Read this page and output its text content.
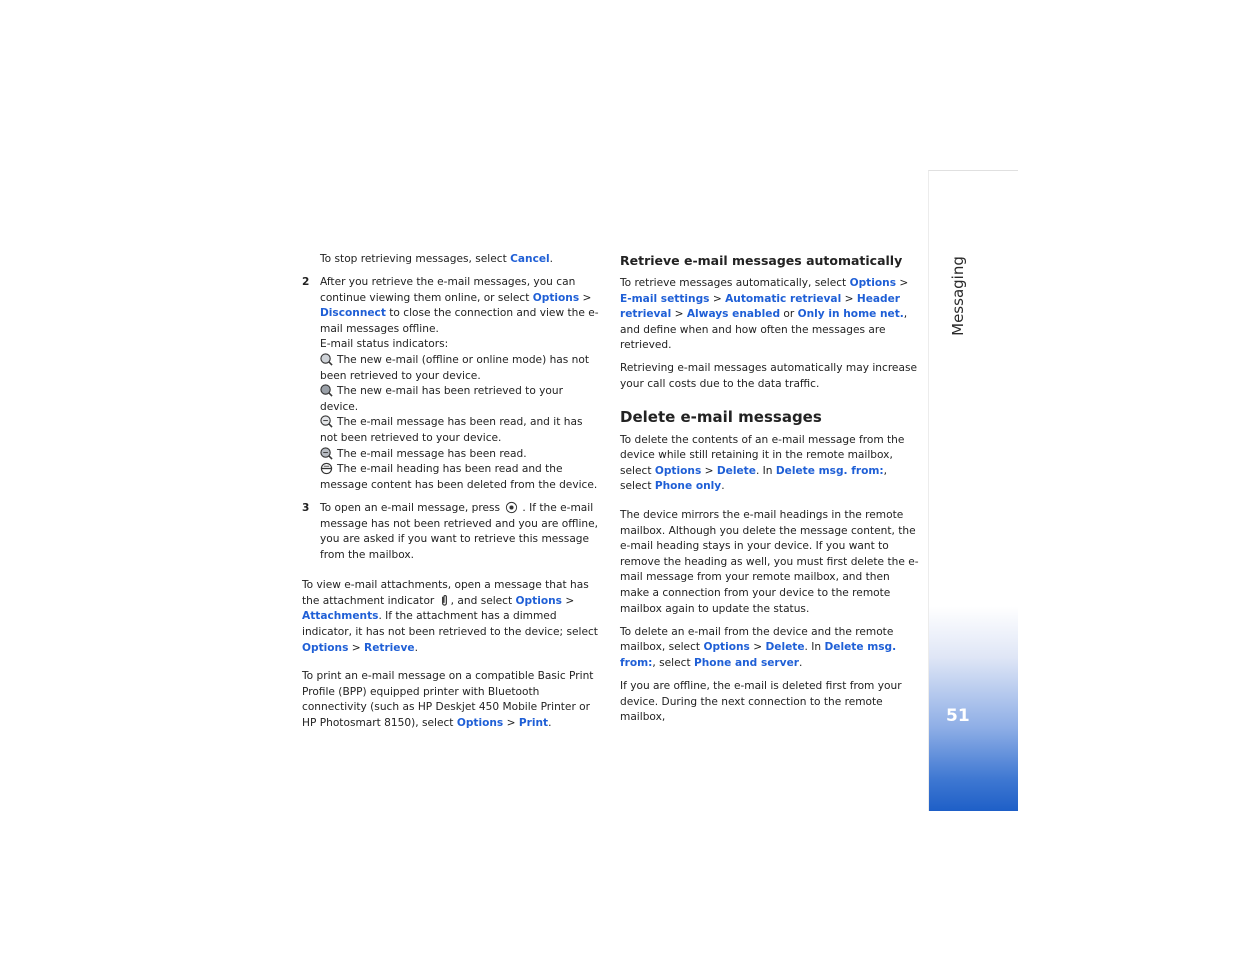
To stop retrieving messages, select Cancel.

2 After you retrieve the e-mail messages, you can continue viewing them online, or select Options > Disconnect to close the connection and view the e-mail messages offline.
E-mail status indicators:
The new e-mail (offline or online mode) has not been retrieved to your device.
The new e-mail has been retrieved to your device.
The e-mail message has been read, and it has not been retrieved to your device.
The e-mail message has been read.
The e-mail heading has been read and the message content has been deleted from the device.
3 To open an e-mail message, press . If the e-mail message has not been retrieved and you are offline, you are asked if you want to retrieve this message from the mailbox.

To view e-mail attachments, open a message that has the attachment indicator , and select Options > Attachments. If the attachment has a dimmed indicator, it has not been retrieved to the device; select Options > Retrieve.

To print an e-mail message on a compatible Basic Print Profile (BPP) equipped printer with Bluetooth connectivity (such as HP Deskjet 450 Mobile Printer or HP Photosmart 8150), select Options > Print.

Retrieve e-mail messages automatically

To retrieve messages automatically, select Options > E-mail settings > Automatic retrieval > Header retrieval > Always enabled or Only in home net., and define when and how often the messages are retrieved.

Retrieving e-mail messages automatically may increase your call costs due to the data traffic.

Delete e-mail messages

To delete the contents of an e-mail message from the device while still retaining it in the remote mailbox, select Options > Delete. In Delete msg. from:, select Phone only.

The device mirrors the e-mail headings in the remote mailbox. Although you delete the message content, the e-mail heading stays in your device. If you want to remove the heading as well, you must first delete the e-mail message from your remote mailbox, and then make a connection from your device to the remote mailbox again to update the status.

To delete an e-mail from the device and the remote mailbox, select Options > Delete. In Delete msg. from:, select Phone and server.

If you are offline, the e-mail is deleted first from your device. During the next connection to the remote mailbox,

Messaging
51
